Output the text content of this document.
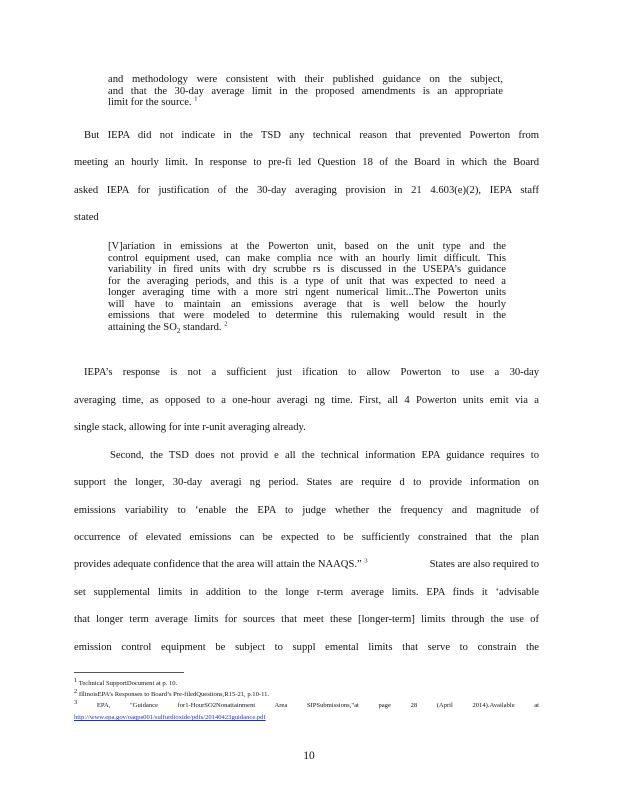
and methodology were consistent with their published guidance on the subject,
and that the 30-day average limit in the proposed amendments is an appropriate
limit for the source. $^1$
But IEPA did not indicate in the TSD any technical reason that prevented Powerton from
meeting an hourly limit. In response to pre-fi led Question 18 of the Board in which the Board
asked IEPA for justification of the 30-day averaging provision in 21 4.603(e)(2), IEPA staff
stated
[V]ariation in emissions at the Powerton unit, based on the unit type and the
control equipment used, can make complia nce with an hourly limit difficult. This
variability in fired units with dry scrubbe rs is discussed in the USEPA’s guidance
for the averaging periods, and this is a type of unit that was expected to need a
longer averaging time with a more stri ngent numerical limit...The Powerton units
will have to maintain an emissions average that is well below the hourly
emissions that were modeled to determine this rulemaking would result in the
attaining the $SO_2$ standard. $^2$
IEPA’s response is not a sufficient just ification to allow Powerton to use a 30-day
averaging time, as opposed to a one-hour averagi ng time. First, all 4 Powerton units emit via a
single stack, allowing for inte r-unit averaging already.
Second, the TSD does not provid e all the technical information EPA guidance requires to
support the longer, 30-day averagi ng period. States are require d to provide information on
emissions variability to ‘enable the EPA to judge whether the frequency and magnitude of
occurrence of elevated emissions can be expected to be sufficiently constrained that the plan
provides adequate confidence that the area will attain the NAAQS.” $^3$	States are also required to
set supplemental limits in addition to the longe r-term average limits. EPA finds it ‘advisable
that longer term average limits for sources that meet these [longer-term] limits through the use of
emission control equipment be subject to suppl emental limits that serve to constrain the
$^1$ Technical SupportDocument at p. 10.
$^2$ IllinoisEPA’s Responses to Board’s Pre-filedQuestions,R15-21, p.10-11.
$^3$	EPA, "Guidance for1-HourSO2Nonattainment Area SIPSubmissions,"at page 28 (April 2014).Available at
http://www.epa.gov/oaqps001/sulfurdioxide/pdfs/20140423guidance.pdf
10
